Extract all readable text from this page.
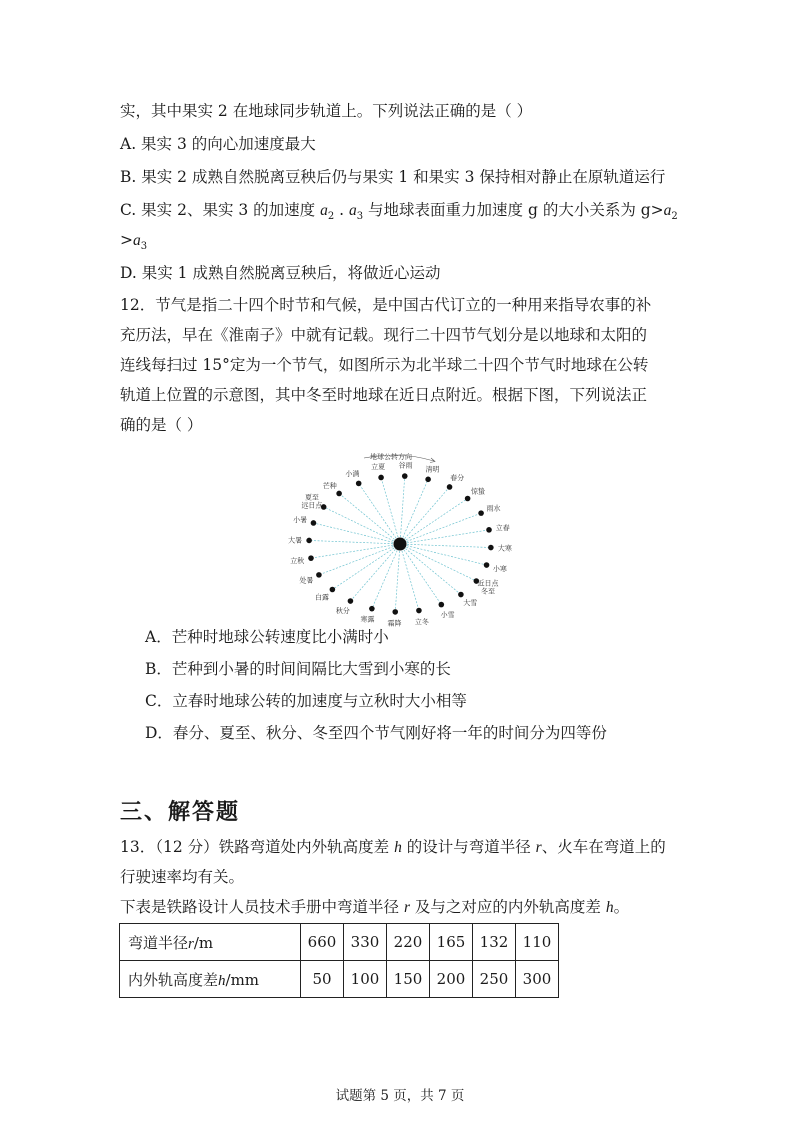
实，其中果实 2 在地球同步轨道上。下列说法正确的是（ ）
A. 果实 3 的向心加速度最大
B. 果实 2 成熟自然脱离豆秧后仍与果实 1 和果实 3 保持相对静止在原轨道运行
C. 果实 2、果实 3 的加速度 $a_2$ . $a_3$ 与地球表面重力加速度 g 的大小关系为 $g>a_2$
$>a_3$
D. 果实 1 成熟自然脱离豆秧后，将做近心运动
12．节气是指二十四个时节和气候，是中国古代订立的一种用来指导农事的补
充历法，早在《淮南子》中就有记载。现行二十四节气划分是以地球和太阳的
连线每扫过 15°定为一个节气，如图所示为北半球二十四个节气时地球在公转
轨道上位置的示意图，其中冬至时地球在近日点附近。根据下图，下列说法正
确的是（ ）
立夏 谷雨 清明
春分
惊蛰
雨水
立春
大寒
小寒
近日点冬至
大雪
小雪
立冬
霜降
寒露
秋分
白露
处暑
立秋
大暑
小暑
夏至远日点
芒种
小满
地球公转方向
A．芒种时地球公转速度比小满时小
B．芒种到小暑的时间间隔比大雪到小寒的长
C．立春时地球公转的加速度与立秋时大小相等
D．春分、夏至、秋分、冬至四个节气刚好将一年的时间分为四等份
三、解答题
13．（12 分）铁路弯道处内外轨高度差 h 的设计与弯道半径 r、火车在弯道上的
行驶速率均有关。
下表是铁路设计人员技术手册中弯道半径 r 及与之对应的内外轨高度差 h。
弯道半径r/m	660	330	220	165	132	110
内外轨高度差h/mm	50	100	150	200	250	300
试题第 5 页，共 7 页
